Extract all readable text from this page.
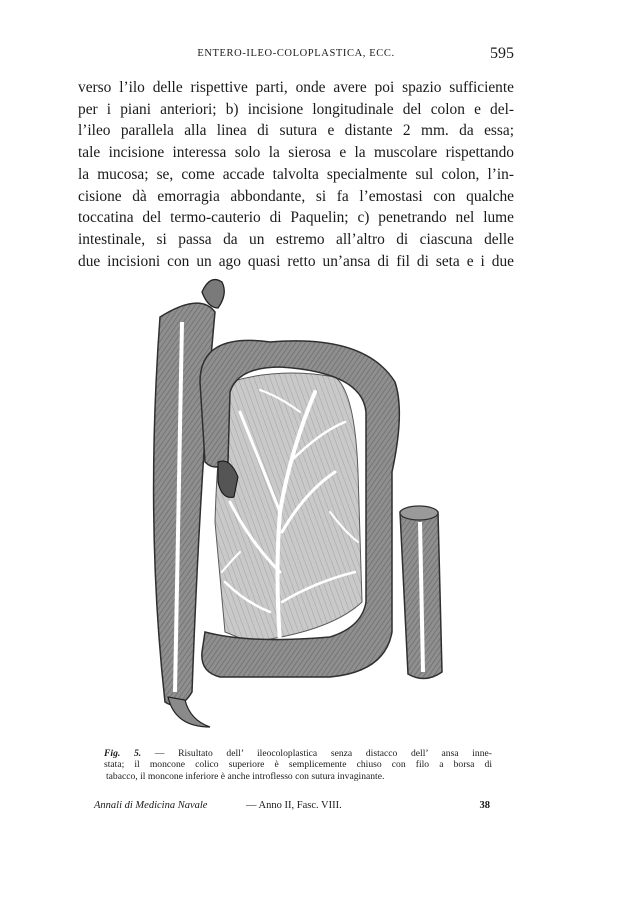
ENTERO-ILEO-COLOPLASTICA, ECC.	595

verso l’ilo delle rispettive parti, onde avere poi spazio sufficiente
per i piani anteriori; b) incisione longitudinale del colon e del-
l’ileo parallela alla linea di sutura e distante 2 mm. da essa;
tale incisione interessa solo la sierosa e la muscolare rispettando
la mucosa; se, come accade talvolta specialmente sul colon, l’in-
cisione dà emorragia abbondante, si fa l’emostasi con qualche
toccatina del termo-cauterio di Paquelin; c) penetrando nel lume
intestinale, si passa da un estremo all’altro di ciascuna delle
due incisioni con un ago quasi retto un’ansa di fil di seta e i due

Fig. 5. — Risultato dell’ ileocoloplastica senza distacco dell’ ansa inne-
stata; il moncone colico superiore è semplicemente chiuso con filo a borsa di
tabacco, il moncone inferiore è anche introflesso con sutura invaginante.
Annali di Medicina Navale	— Anno II, Fasc. VIII.	38
